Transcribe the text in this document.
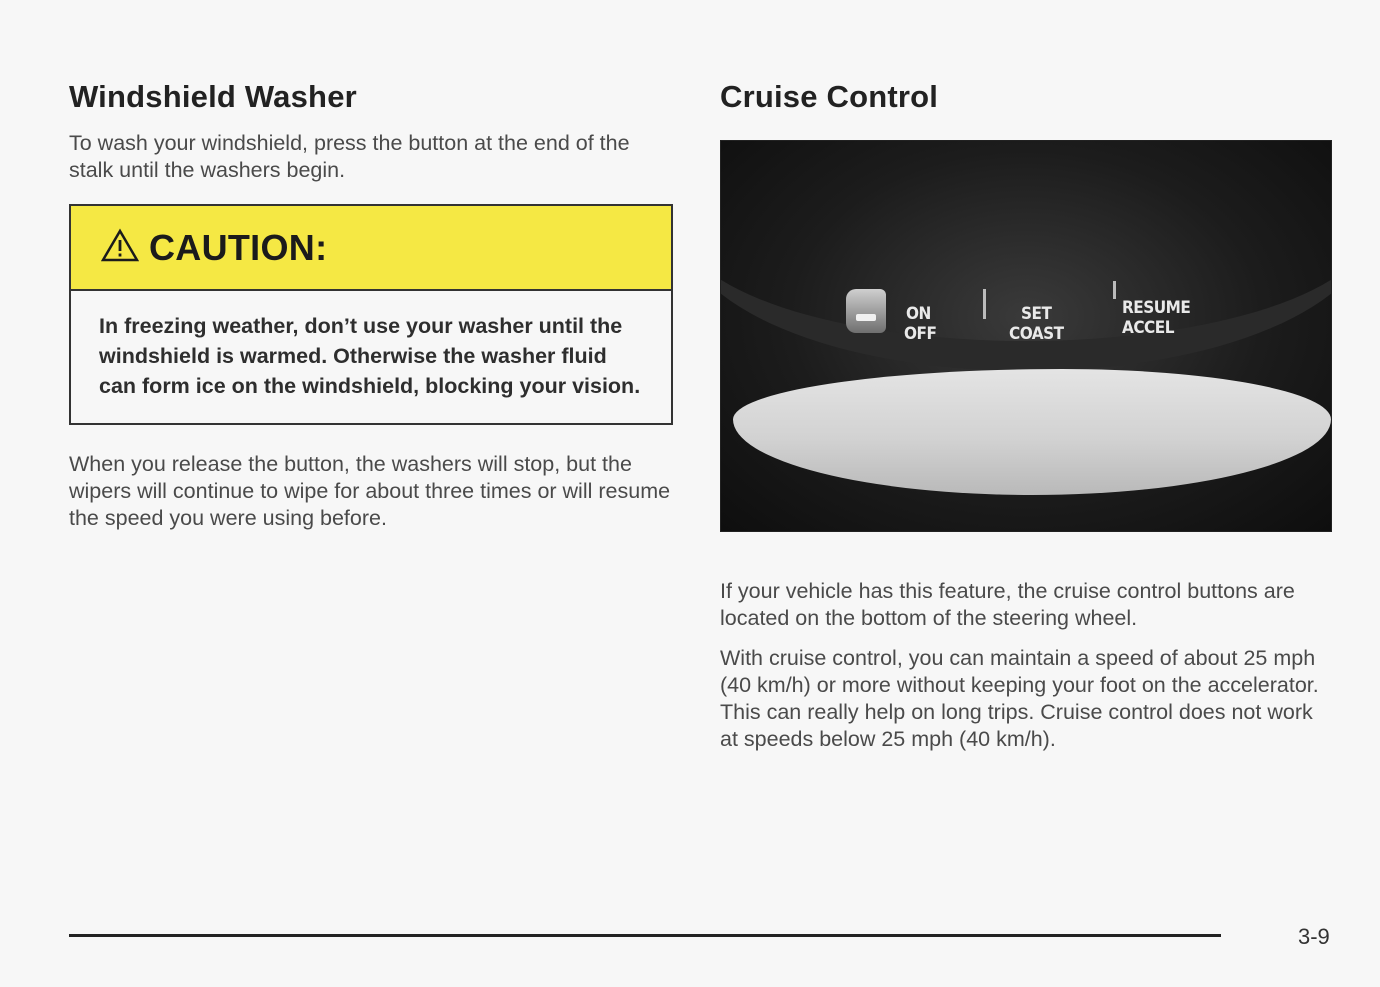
Windshield Washer

To wash your windshield, press the button at the end of the stalk until the washers begin.

CAUTION:
In freezing weather, don’t use your washer until the windshield is warmed. Otherwise the washer fluid can form ice on the windshield, blocking your vision.

When you release the button, the washers will stop, but the wipers will continue to wipe for about three times or will resume the speed you were using before.

Cruise Control
ON
OFF
SET
COAST
RESUME
ACCEL

If your vehicle has this feature, the cruise control buttons are located on the bottom of the steering wheel.

With cruise control, you can maintain a speed of about 25 mph (40 km/h) or more without keeping your foot on the accelerator. This can really help on long trips. Cruise control does not work at speeds below 25 mph (40 km/h).

3-9
